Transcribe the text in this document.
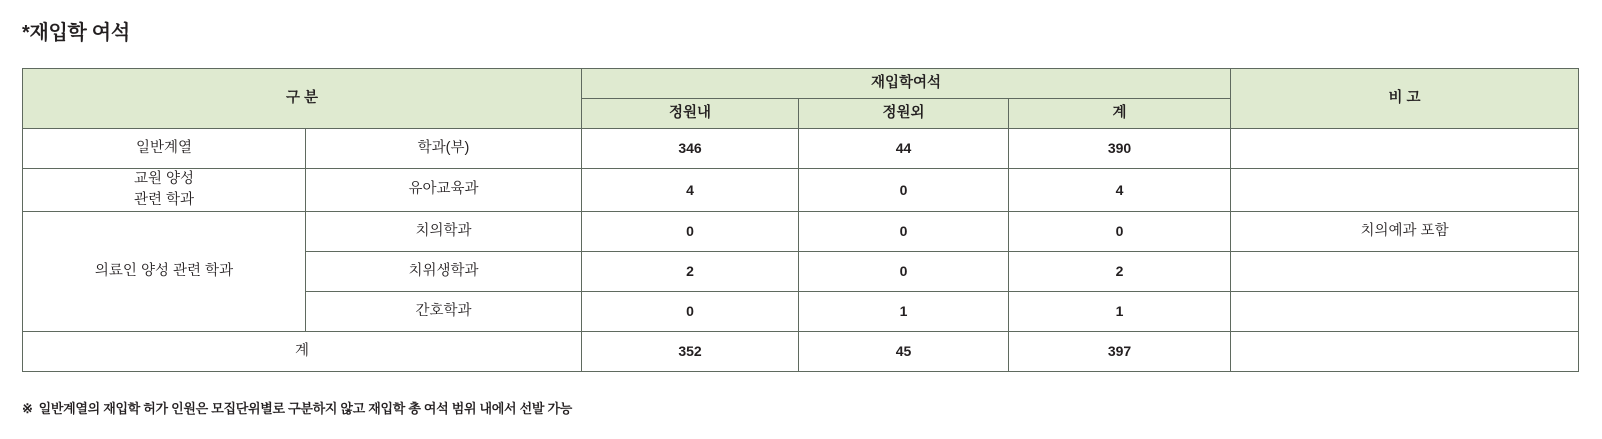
*재입학 여석
구 분		재입학여석			비 고
		정원내	정원외	계	
일반계열	학과(부)	346	44	390	
교원 양성
관련 학과	유아교육과	4	0	4	
의료인 양성 관련 학과	치의학과	0	0	0	치의예과 포함
	치위생학과	2	0	2	
	간호학과	0	1	1	
계		352	45	397	
※ 일반계열의 재입학 허가 인원은 모집단위별로 구분하지 않고 재입학 총 여석 범위 내에서 선발 가능
